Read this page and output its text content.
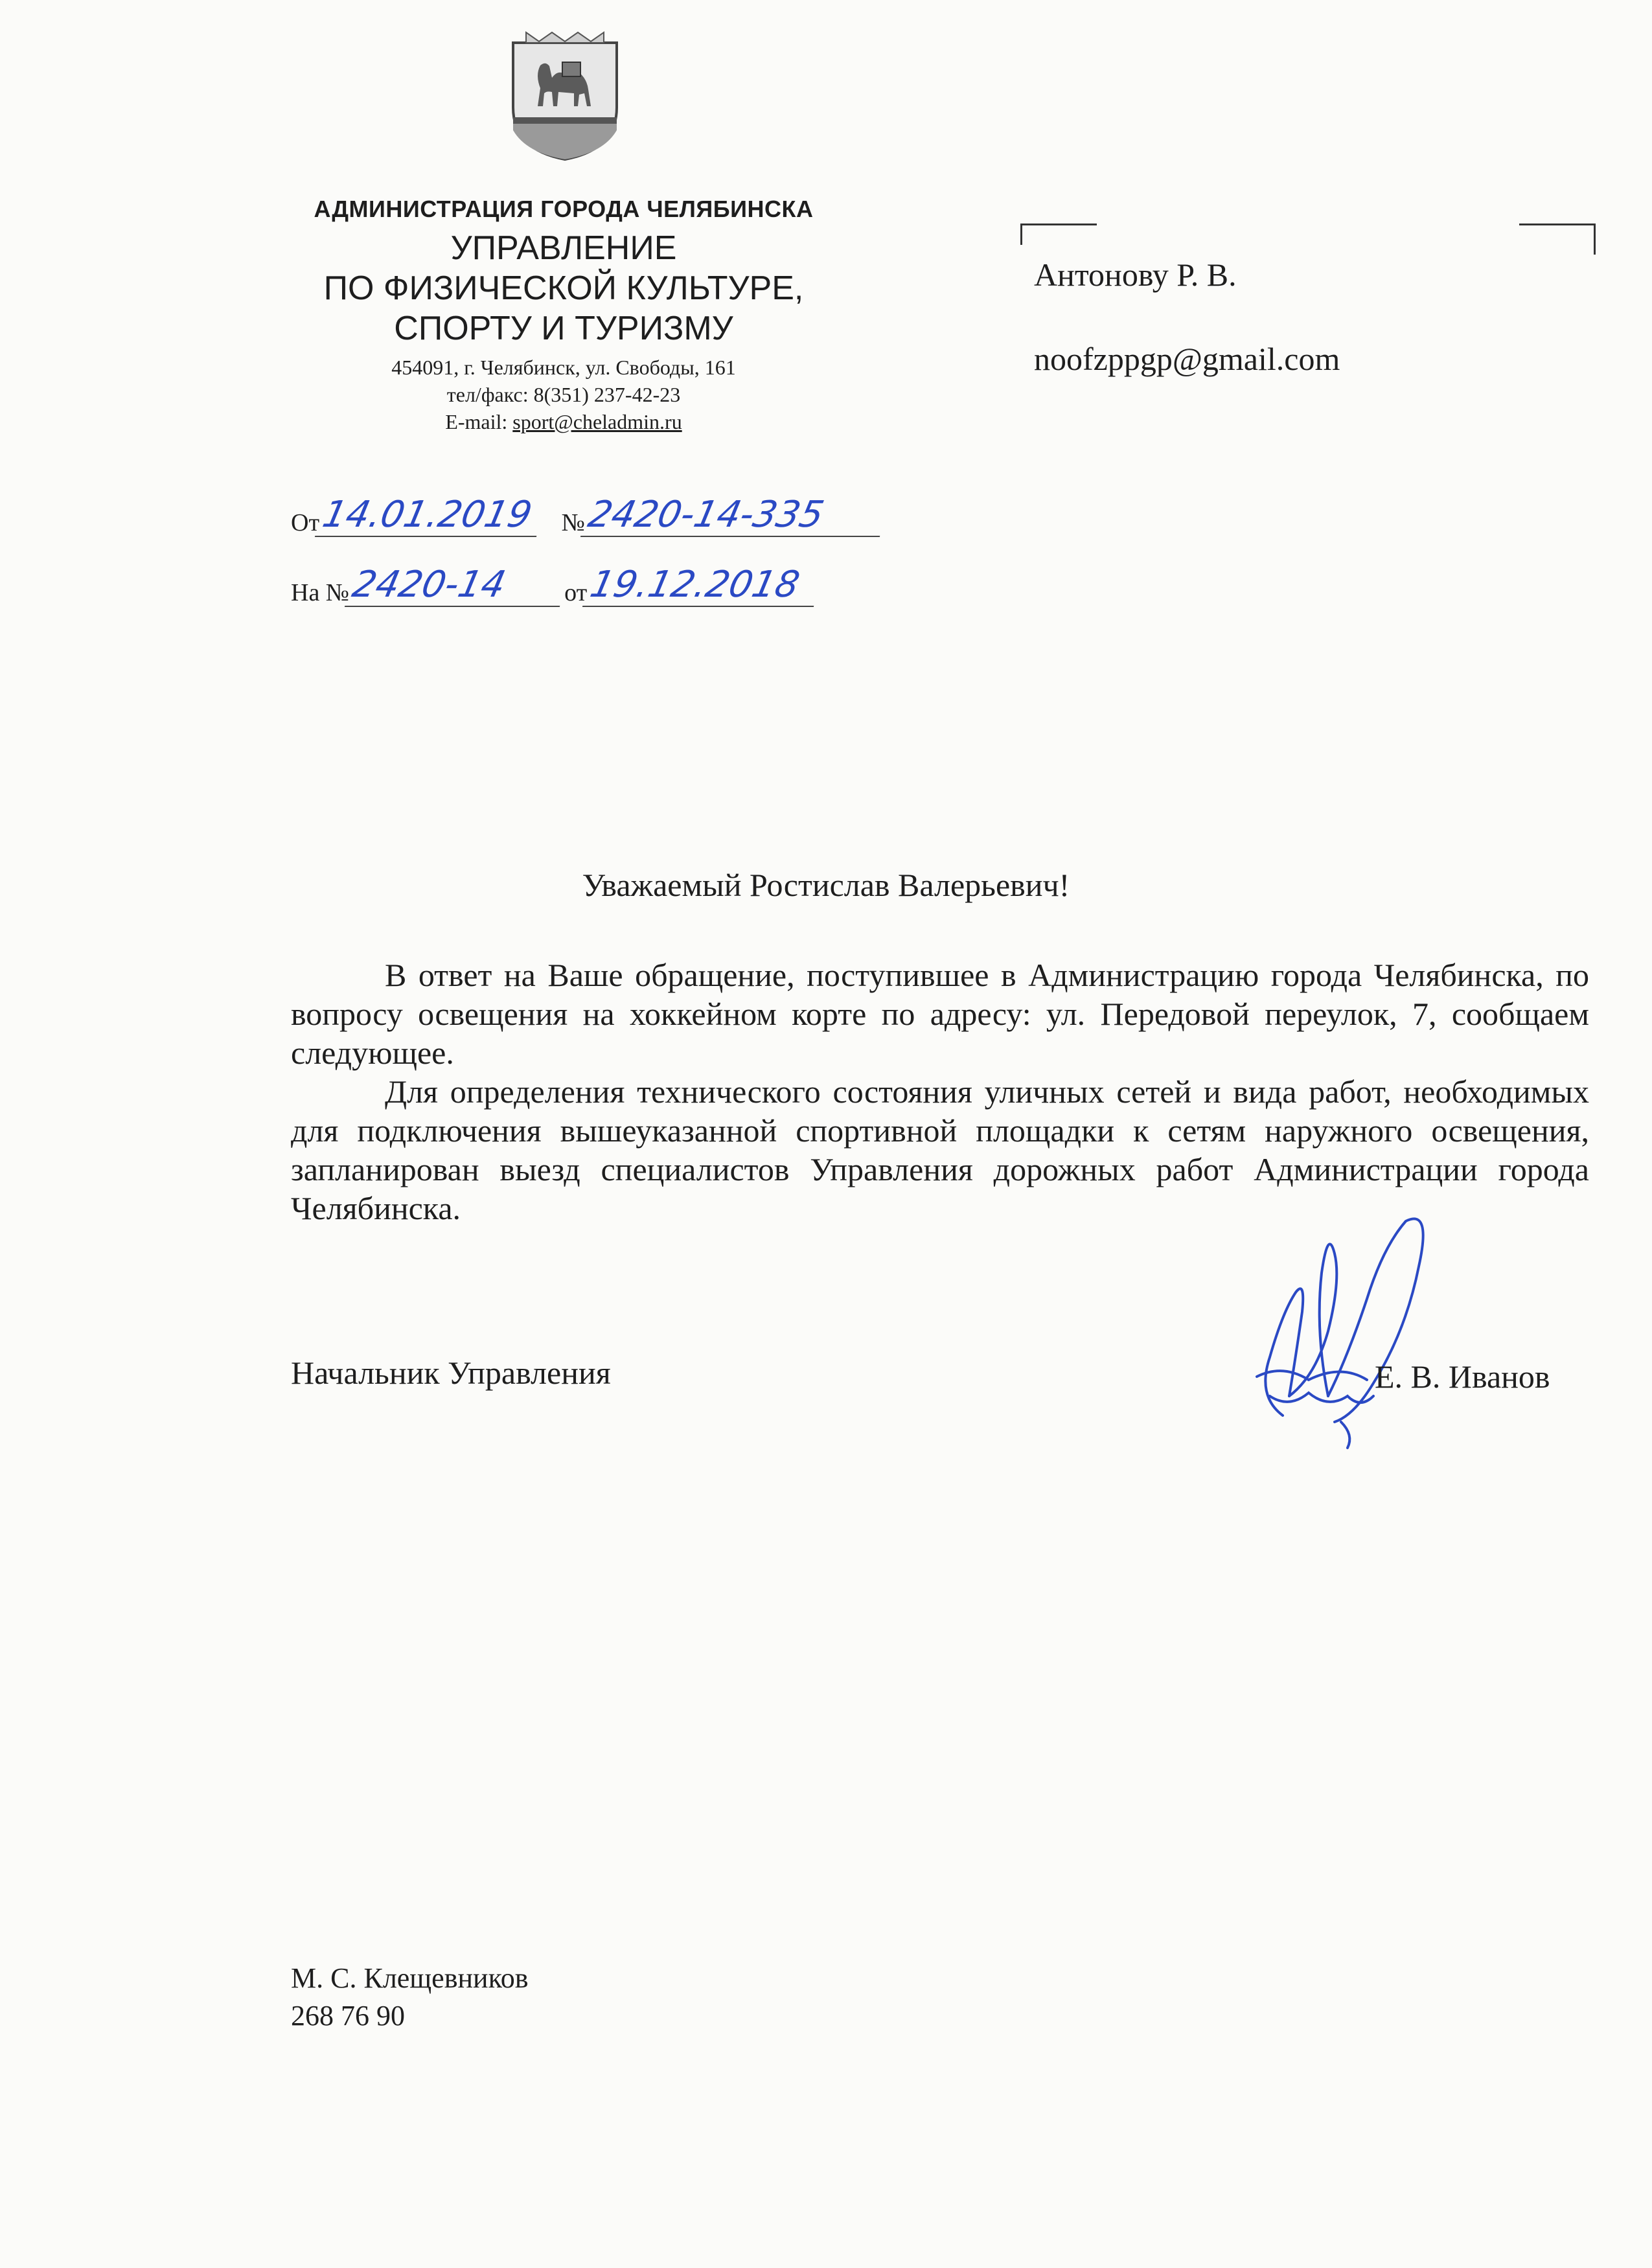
АДМИНИСТРАЦИЯ ГОРОДА ЧЕЛЯБИНСКА
УПРАВЛЕНИЕ
ПО ФИЗИЧЕСКОЙ КУЛЬТУРЕ,
СПОРТУ И ТУРИЗМУ
454091, г. Челябинск, ул. Свободы, 161
тел/факс: 8(351) 237-42-23
E-mail: sport@cheladmin.ru
Антонову Р. В.
noofzppgp@gmail.com
От14.01.2019 №2420-14-335
На №2420-14 от19.12.2018
Уважаемый Ростислав Валерьевич!

В ответ на Ваше обращение, поступившее в Администрацию города Челябинска, по вопросу освещения на хоккейном корте по адресу: ул. Передовой переулок, 7, сообщаем следующее.

Для определения технического состояния уличных сетей и вида работ, необходимых для подключения вышеуказанной спортивной площадки к сетям наружного освещения, запланирован выезд специалистов Управления дорожных работ Администрации города Челябинска.

Начальник Управления	Е. В. Иванов
М. С. Клещевников
268 76 90
